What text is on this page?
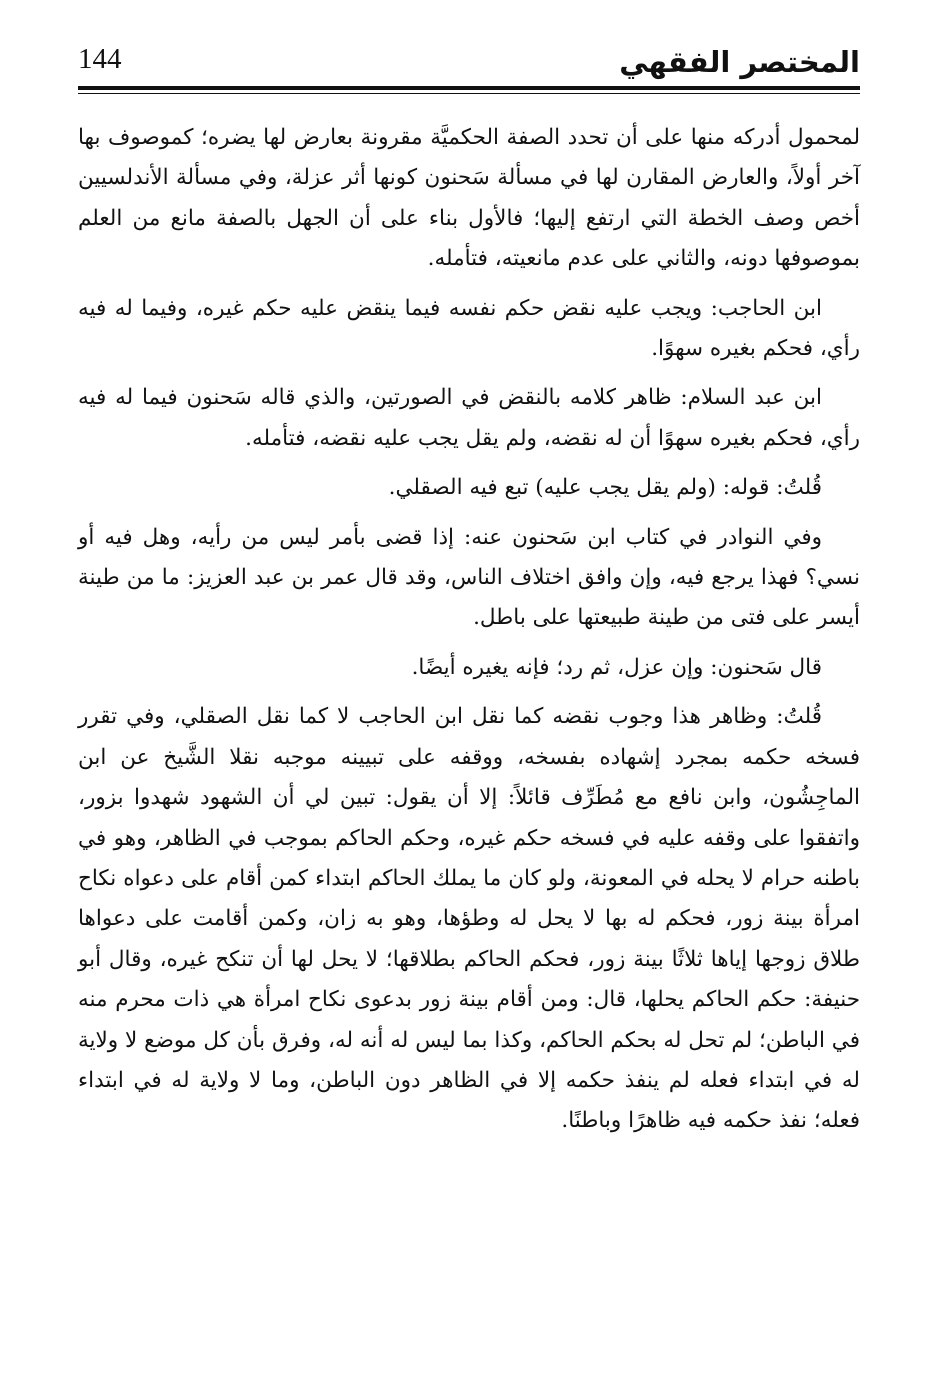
المختصر الفقهي
144

لمحمول أدركه منها على أن تحدد الصفة الحكميَّة مقرونة بعارض لها يضره؛ كموصوف بها آخر أولاً، والعارض المقارن لها في مسألة سَحنون كونها أثر عزلة، وفي مسألة الأندلسيين أخص وصف الخطة التي ارتفع إليها؛ فالأول بناء على أن الجهل بالصفة مانع من العلم بموصوفها دونه، والثاني على عدم مانعيته، فتأمله.

ابن الحاجب: ويجب عليه نقض حكم نفسه فيما ينقض عليه حكم غيره، وفيما له فيه رأي، فحكم بغيره سهوًا.

ابن عبد السلام: ظاهر كلامه بالنقض في الصورتين، والذي قاله سَحنون فيما له فيه رأي، فحكم بغيره سهوًا أن له نقضه، ولم يقل يجب عليه نقضه، فتأمله.

قُلتُ: قوله: (ولم يقل يجب عليه) تبع فيه الصقلي.

وفي النوادر في كتاب ابن سَحنون عنه: إذا قضى بأمر ليس من رأيه، وهل فيه أو نسي؟ فهذا يرجع فيه، وإن وافق اختلاف الناس، وقد قال عمر بن عبد العزيز: ما من طينة أيسر على فتى من طينة طبيعتها على باطل.

قال سَحنون: وإن عزل، ثم رد؛ فإنه يغيره أيضًا.

قُلتُ: وظاهر هذا وجوب نقضه كما نقل ابن الحاجب لا كما نقل الصقلي، وفي تقرر فسخه حكمه بمجرد إشهاده بفسخه، ووقفه على تبيينه موجبه نقلا الشَّيخ عن ابن الماجِشُون، وابن نافع مع مُطَرِّف قائلاً: إلا أن يقول: تبين لي أن الشهود شهدوا بزور، واتفقوا على وقفه عليه في فسخه حكم غيره، وحكم الحاكم بموجب في الظاهر، وهو في باطنه حرام لا يحله في المعونة، ولو كان ما يملك الحاكم ابتداء كمن أقام على دعواه نكاح امرأة بينة زور، فحكم له بها لا يحل له وطؤها، وهو به زان، وكمن أقامت على دعواها طلاق زوجها إياها ثلاثًا بينة زور، فحكم الحاكم بطلاقها؛ لا يحل لها أن تنكح غيره، وقال أبو حنيفة: حكم الحاكم يحلها، قال: ومن أقام بينة زور بدعوى نكاح امرأة هي ذات محرم منه في الباطن؛ لم تحل له بحكم الحاكم، وكذا بما ليس له أنه له، وفرق بأن كل موضع لا ولاية له في ابتداء فعله لم ينفذ حكمه إلا في الظاهر دون الباطن، وما لا ولاية له في ابتداء فعله؛ نفذ حكمه فيه ظاهرًا وباطنًا.
